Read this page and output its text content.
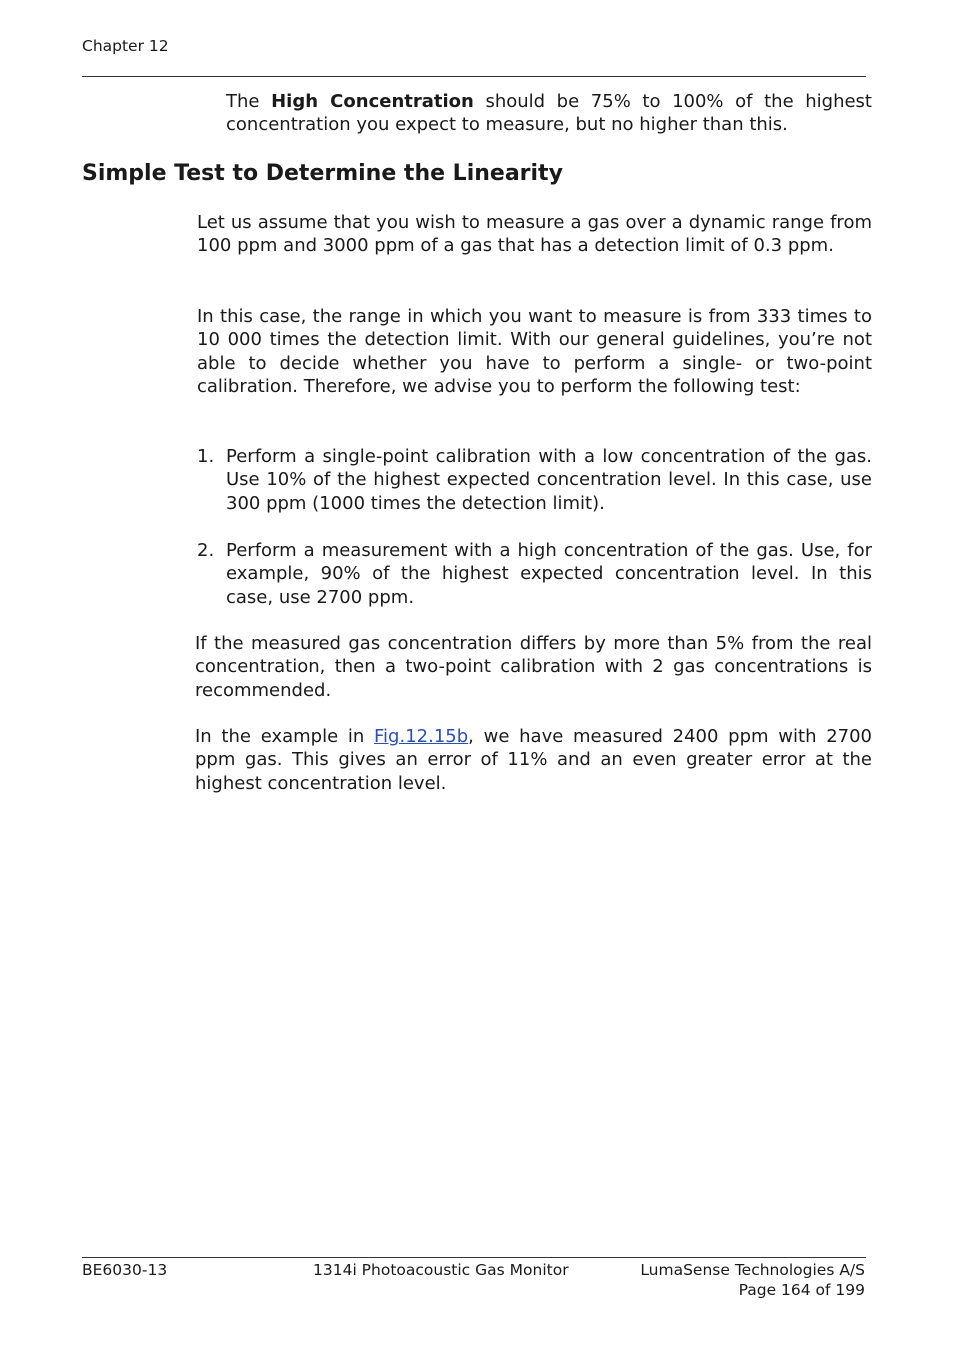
Chapter 12
The High Concentration should be 75% to 100% of the highest concentration you expect to measure, but no higher than this.
Simple Test to Determine the Linearity
Let us assume that you wish to measure a gas over a dynamic range from 100 ppm and 3000 ppm of a gas that has a detection limit of 0.3 ppm.
In this case, the range in which you want to measure is from 333 times to 10 000 times the detection limit. With our general guidelines, you’re not able to decide whether you have to perform a single- or two-point calibration. Therefore, we advise you to perform the following test:
1. Perform a single-point calibration with a low concentration of the gas. Use 10% of the highest expected concentration level. In this case, use 300 ppm (1000 times the detection limit).
2. Perform a measurement with a high concentration of the gas. Use, for example, 90% of the highest expected concentration level. In this case, use 2700 ppm.
If the measured gas concentration differs by more than 5% from the real concentration, then a two-point calibration with 2 gas concentrations is recommended.
In the example in Fig.12.15b, we have measured 2400 ppm with 2700 ppm gas. This gives an error of 11% and an even greater error at the highest concentration level.
BE6030-13	1314i Photoacoustic Gas Monitor	LumaSense Technologies A/S
Page 164 of 199
